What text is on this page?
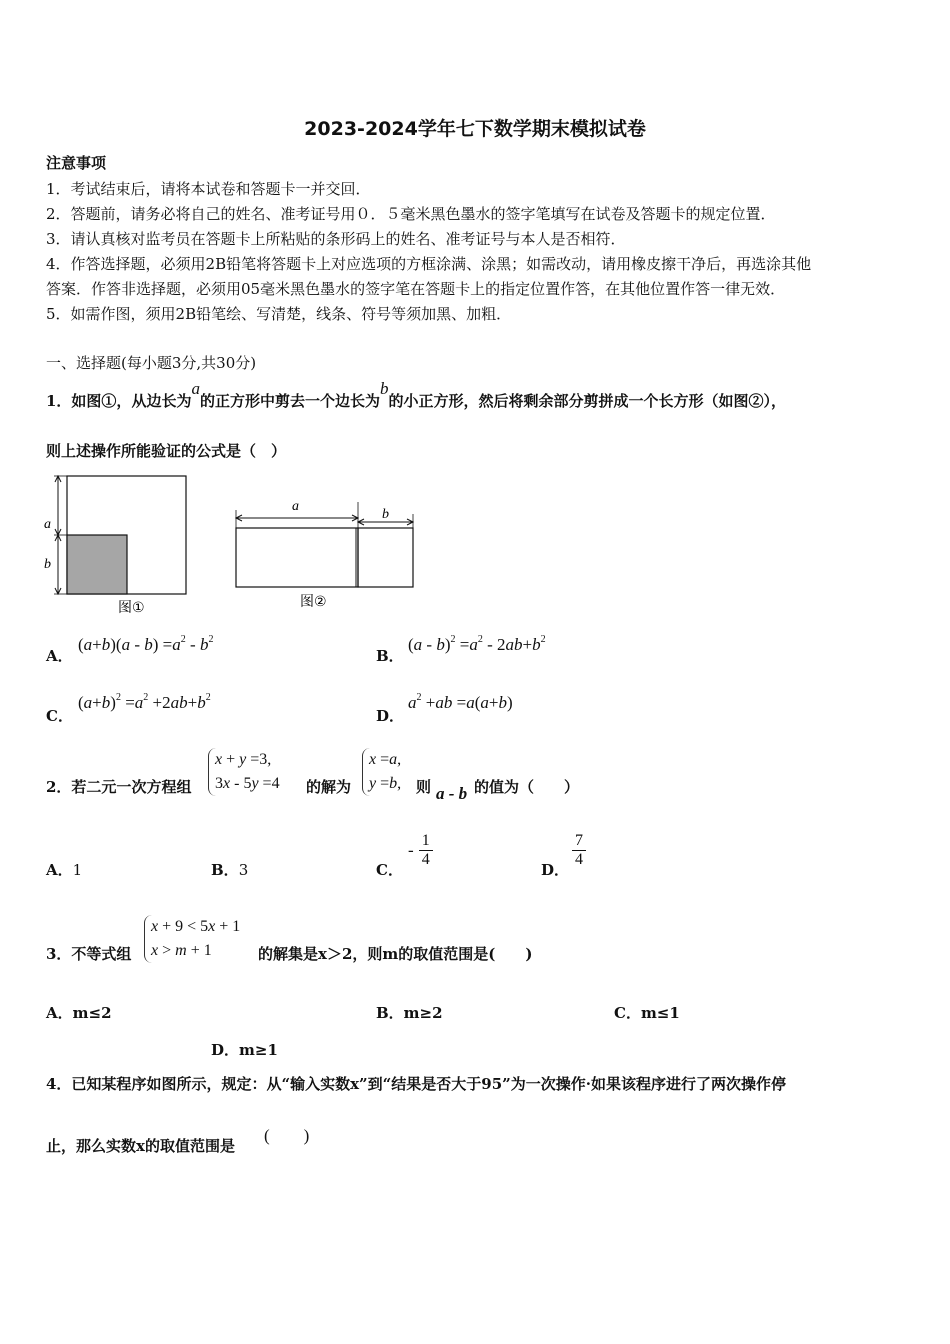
2023-2024学年七下数学期末模拟试卷
注意事项
1．考试结束后，请将本试卷和答题卡一并交回．
2．答题前，请务必将自己的姓名、准考证号用０．５毫米黑色墨水的签字笔填写在试卷及答题卡的规定位置．
3．请认真核对监考员在答题卡上所粘贴的条形码上的姓名、准考证号与本人是否相符．
4．作答选择题，必须用2B铅笔将答题卡上对应选项的方框涂满、涂黑；如需改动，请用橡皮擦干净后，再选涂其他
答案．作答非选择题，必须用05毫米黑色墨水的签字笔在答题卡上的指定位置作答，在其他位置作答一律无效．
5．如需作图，须用2B铅笔绘、写清楚，线条、符号等须加黑、加粗．
一、选择题(每小题3分,共30分)
1．如图①，从边长为a的正方形中剪去一个边长为b的小正方形，然后将剩余部分剪拼成一个长方形（如图②），
则上述操作所能验证的公式是（　）
a
b
图①
a
b
图②
A．
$(a+b)(a - b) =a^2 - b^2$
B．
$(a - b)^2 =a^2 - 2ab+b^2$
C．
$(a+b)^2 =a^2 +2ab+b^2$
D．
$a^2 +ab =a(a+b)$
2．若二元一次方程组
x + y =3,
3x - 5y =4 的解为
x =a,
y =b, 则 a - b 的值为（　　）
A．1	B．3	C．
- $\frac{1}{4}$
D．
$\frac{7}{4}$
3．不等式组
x + 9 < 5x + 1
x > m + 1	的解集是x＞2，则m的取值范围是(　　)
A．m≤2	B．m≥2	C．m≤1
D．m≥1
4．已知某程序如图所示，规定：从“输入实数x”到“结果是否大于95”为一次操作·如果该程序进行了两次操作停
止，那么实数x的取值范围是
(　　)
